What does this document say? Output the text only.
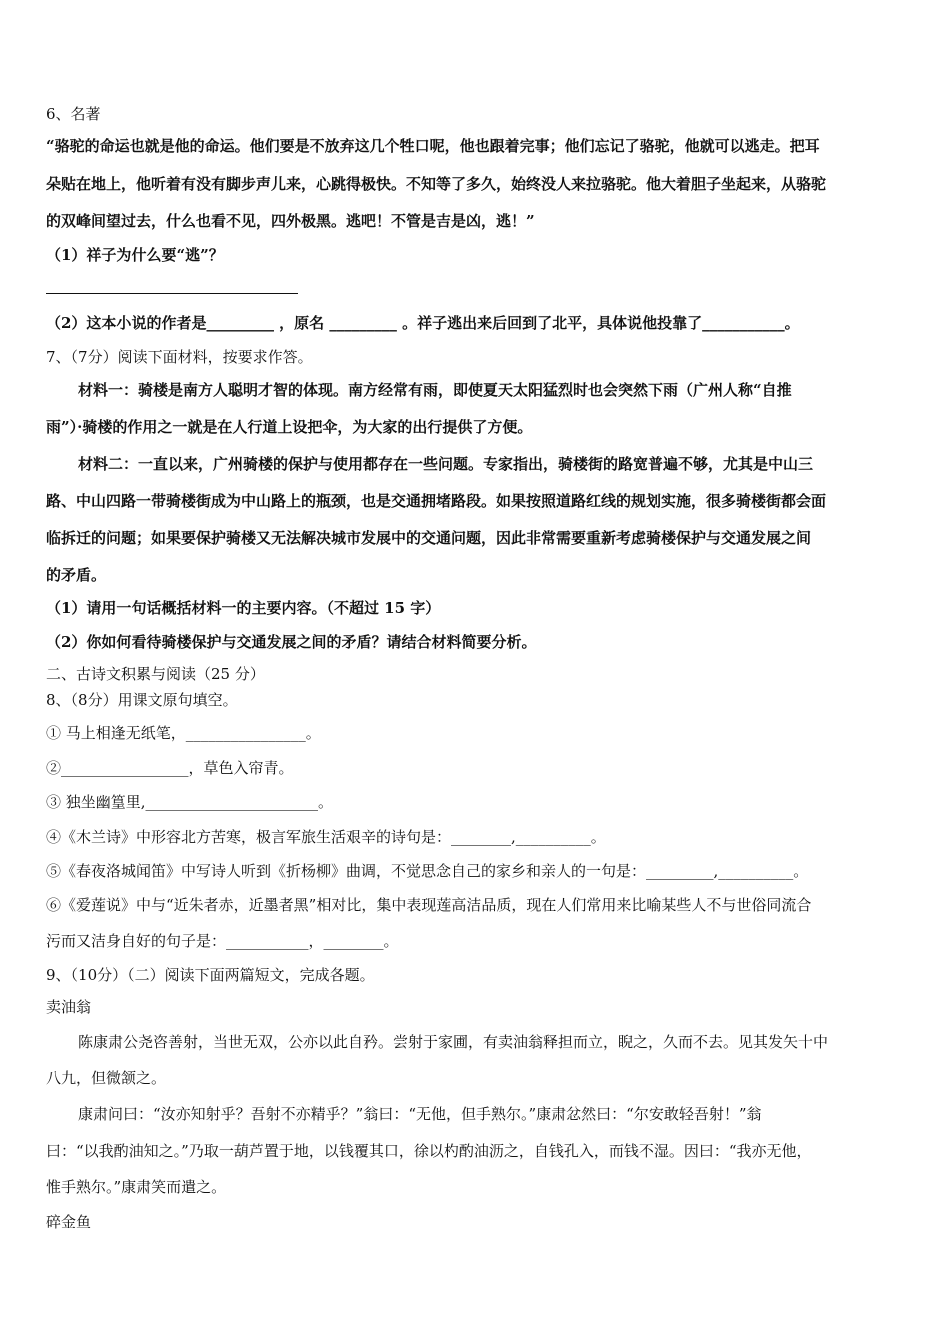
6、名著
“骆驼的命运也就是他的命运。他们要是不放弃这几个牲口呢，他也跟着完事；他们忘记了骆驼，他就可以逃走。把耳
朵贴在地上，他听着有没有脚步声儿来，心跳得极快。不知等了多久，始终没人来拉骆驼。他大着胆子坐起来，从骆驼
的双峰间望过去，什么也看不见，四外极黑。逃吧！不管是吉是凶，逃！”
（1）祥子为什么要“逃”？
（2）这本小说的作者是_________ ，原名 _________ 。祥子逃出来后回到了北平，具体说他投靠了___________。
7、（7分）阅读下面材料，按要求作答。
材料一：骑楼是南方人聪明才智的体现。南方经常有雨，即使夏天太阳猛烈时也会突然下雨（广州人称“自推
雨”）·骑楼的作用之一就是在人行道上设把伞，为大家的出行提供了方便。
材料二：一直以来，广州骑楼的保护与使用都存在一些问题。专家指出，骑楼街的路宽普遍不够，尤其是中山三
路、中山四路一带骑楼街成为中山路上的瓶颈，也是交通拥堵路段。如果按照道路红线的规划实施，很多骑楼街都会面
临拆迁的问题；如果要保护骑楼又无法解决城市发展中的交通问题，因此非常需要重新考虑骑楼保护与交通发展之间
的矛盾。
（1）请用一句话概括材料一的主要内容。（不超过 15 字）
（2）你如何看待骑楼保护与交通发展之间的矛盾？请结合材料简要分析。
二、古诗文积累与阅读（25 分）
8、（8分）用课文原句填空。
① 马上相逢无纸笔，________________。
②_________________，草色入帘青。
③ 独坐幽篁里,_______________________。
④《木兰诗》中形容北方苦寒，极言军旅生活艰辛的诗句是：________,__________。
⑤《春夜洛城闻笛》中写诗人听到《折杨柳》曲调，不觉思念自己的家乡和亲人的一句是：_________,__________。
⑥《爱莲说》中与“近朱者赤，近墨者黑”相对比，集中表现莲高洁品质，现在人们常用来比喻某些人不与世俗同流合
污而又洁身自好的句子是：___________，________。
9、（10分）（二）阅读下面两篇短文，完成各题。
卖油翁
陈康肃公尧咨善射，当世无双，公亦以此自矜。尝射于家圃，有卖油翁释担而立，睨之，久而不去。见其发矢十中
八九，但微颔之。
康肃问曰：“汝亦知射乎？吾射不亦精乎？”翁曰：“无他，但手熟尔。”康肃忿然曰：“尔安敢轻吾射！”翁
曰：“以我酌油知之。”乃取一葫芦置于地，以钱覆其口，徐以杓酌油沥之，自钱孔入，而钱不湿。因曰：“我亦无他，
惟手熟尔。”康肃笑而遣之。
碎金鱼
